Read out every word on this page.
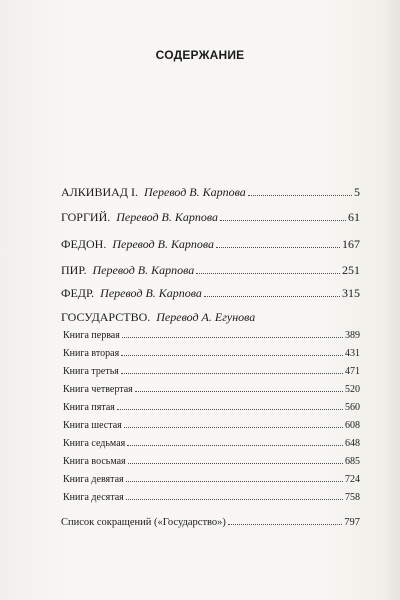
СОДЕРЖАНИЕ
АЛКИВИАД I. Перевод В. Карпова	5
ГОРГИЙ. Перевод В. Карпова	61
ФЕДОН. Перевод В. Карпова	167
ПИР. Перевод В. Карпова	251
ФЕДР. Перевод В. Карпова	315
ГОСУДАРСТВО. Перевод А. Егунова
Книга первая	389
Книга вторая	431
Книга третья	471
Книга четвертая	520
Книга пятая	560
Книга шестая	608
Книга седьмая	648
Книга восьмая	685
Книга девятая	724
Книга десятая	758
Список сокращений («Государство»)	797
